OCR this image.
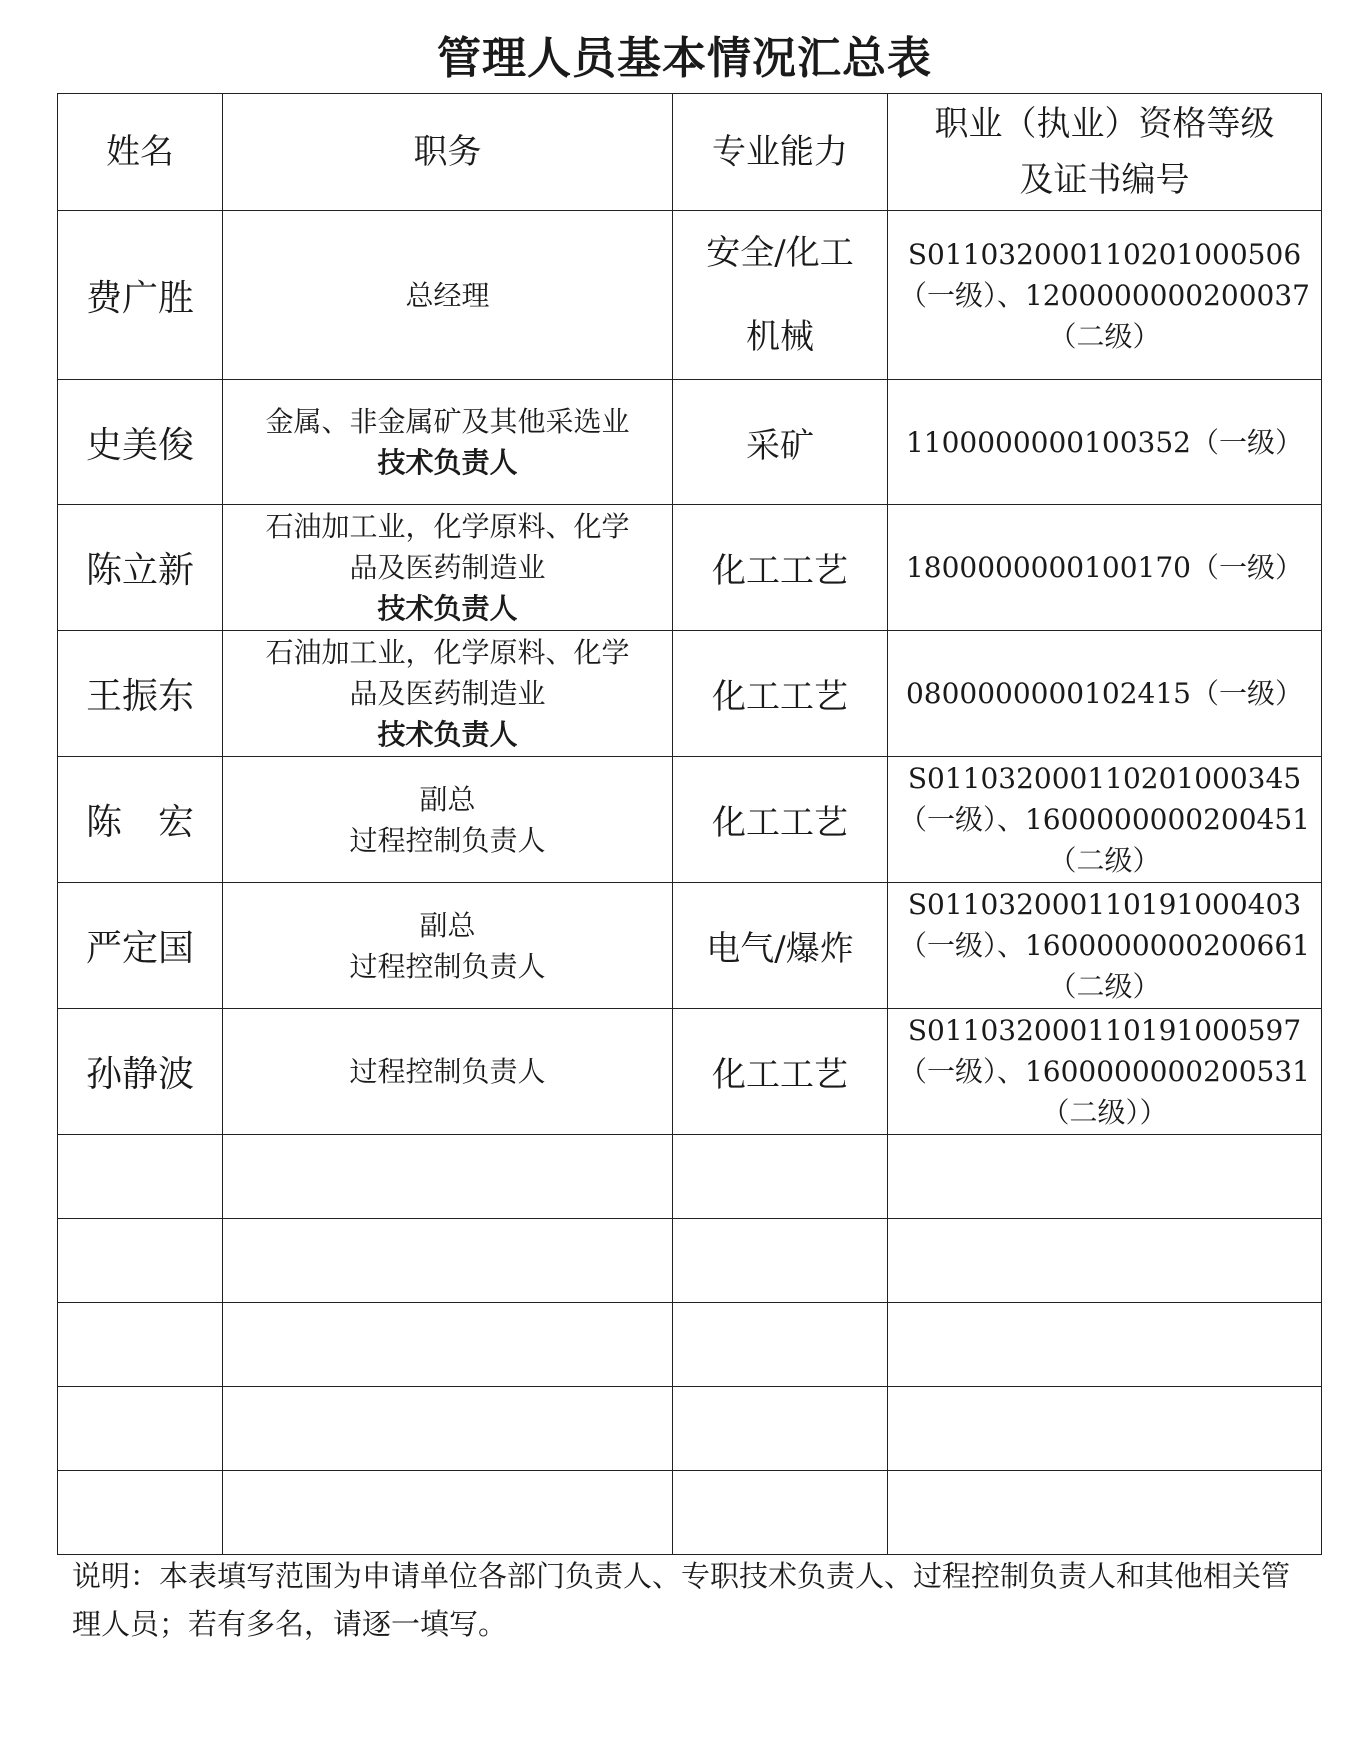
管理人员基本情况汇总表
姓名	职务	专业能力	职业（执业）资格等级
及证书编号

费广胜	总经理	安全/化工
机械	S011032000110201000506（一级）、1200000000200037（二级）
史美俊	金属、非金属矿及其他采选业
技术负责人	采矿	1100000000100352（一级）
陈立新	石油加工业，化学原料、化学
品及医药制造业
技术负责人	化工工艺	1800000000100170（一级）
王振东	石油加工业，化学原料、化学
品及医药制造业
技术负责人	化工工艺	0800000000102415（一级）
陈　宏	副总
过程控制负责人	化工工艺	S011032000110201000345（一级）、1600000000200451（二级）
严定国	副总
过程控制负责人	电气/爆炸	S011032000110191000403（一级）、1600000000200661（二级）
孙静波	过程控制负责人	化工工艺	S011032000110191000597（一级）、1600000000200531（二级））

说明：本表填写范围为申请单位各部门负责人、专职技术负责人、过程控制负责人和其他相关管理人员；若有多名，请逐一填写。
